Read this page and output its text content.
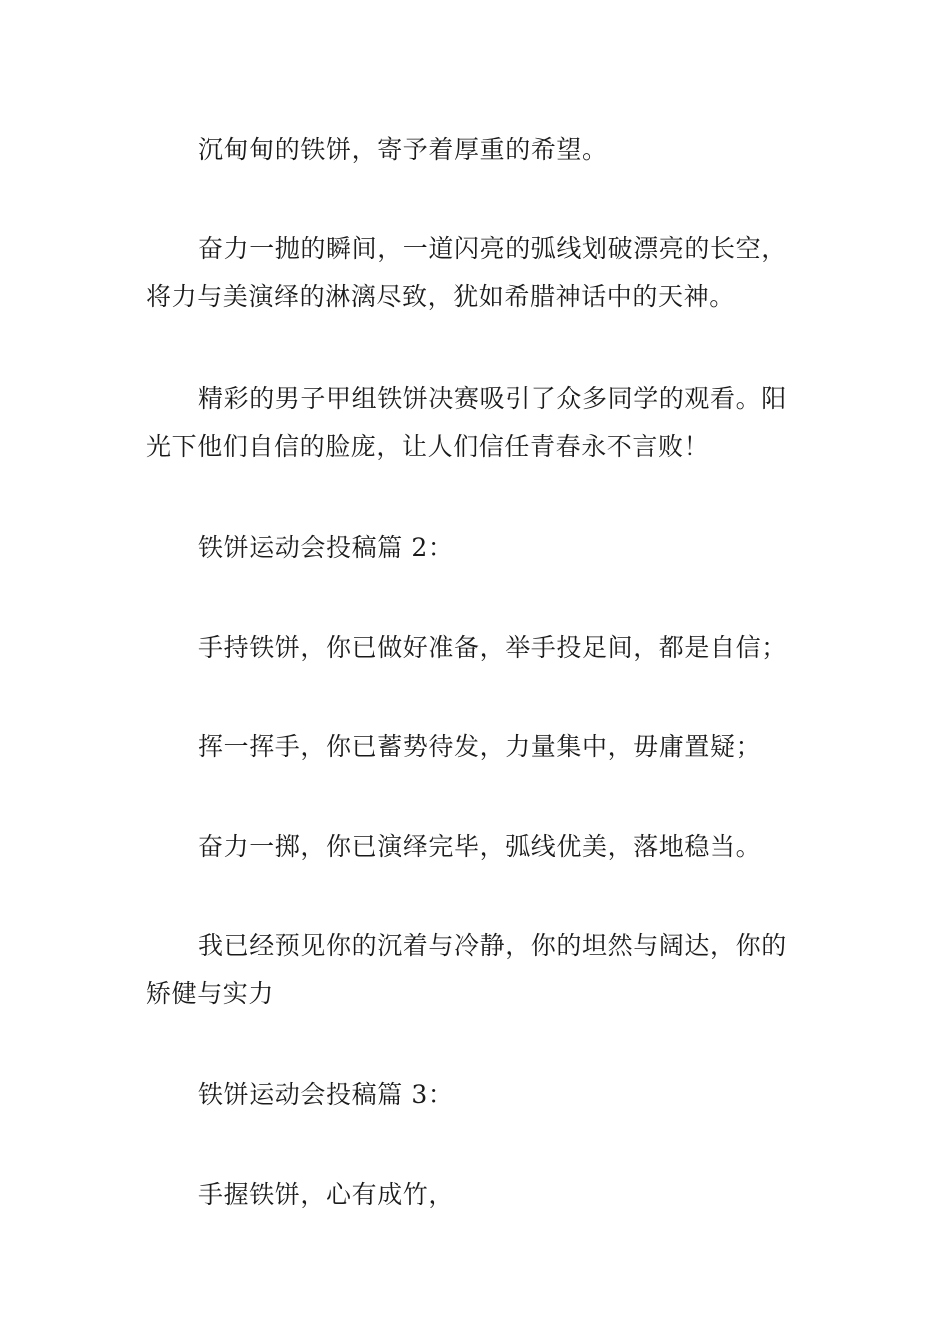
沉甸甸的铁饼，寄予着厚重的希望。

奋力一抛的瞬间，一道闪亮的弧线划破漂亮的长空，
将力与美演绎的淋漓尽致，犹如希腊神话中的天神。

精彩的男子甲组铁饼决赛吸引了众多同学的观看。阳
光下他们自信的脸庞，让人们信任青春永不言败！

铁饼运动会投稿篇 2：

手持铁饼，你已做好准备，举手投足间，都是自信；

挥一挥手，你已蓄势待发，力量集中，毋庸置疑；

奋力一掷，你已演绎完毕，弧线优美，落地稳当。

我已经预见你的沉着与冷静，你的坦然与阔达，你的
矫健与实力

铁饼运动会投稿篇 3：

手握铁饼，心有成竹，
